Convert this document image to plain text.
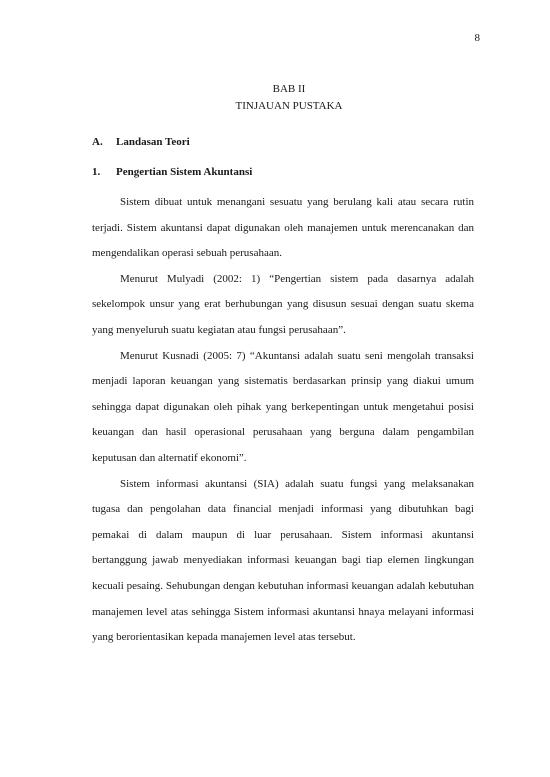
8
BAB II
TINJAUAN PUSTAKA
A.	Landasan Teori
1.	Pengertian Sistem Akuntansi

Sistem dibuat untuk menangani sesuatu yang berulang kali atau secara rutin terjadi. Sistem akuntansi dapat digunakan oleh manajemen untuk merencanakan dan mengendalikan operasi sebuah perusahaan.

Menurut Mulyadi (2002: 1) “Pengertian sistem pada dasarnya adalah sekelompok unsur yang erat berhubungan yang disusun sesuai dengan suatu skema yang menyeluruh suatu kegiatan atau fungsi perusahaan”.

Menurut Kusnadi (2005: 7) “Akuntansi adalah suatu seni mengolah transaksi menjadi laporan keuangan yang sistematis berdasarkan prinsip yang diakui umum sehingga dapat digunakan oleh pihak yang berkepentingan untuk mengetahui posisi keuangan dan hasil operasional perusahaan yang berguna dalam pengambilan keputusan dan alternatif ekonomi”.

Sistem informasi akuntansi (SIA) adalah suatu fungsi yang melaksanakan tugasa dan pengolahan data financial menjadi informasi yang dibutuhkan bagi pemakai di dalam maupun di luar perusahaan. Sistem informasi akuntansi bertanggung jawab menyediakan informasi keuangan bagi tiap elemen lingkungan kecuali pesaing. Sehubungan dengan kebutuhan informasi keuangan adalah kebutuhan manajemen level atas sehingga Sistem informasi akuntansi hnaya melayani informasi yang berorientasikan kepada manajemen level atas tersebut.
